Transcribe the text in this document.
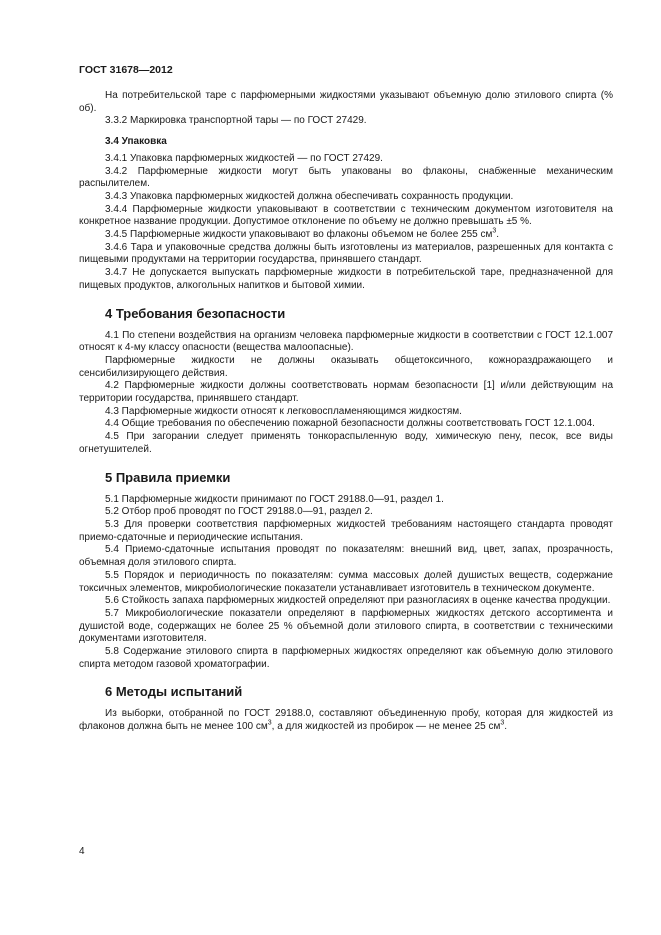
ГОСТ 31678—2012

На потребительской таре с парфюмерными жидкостями указывают объемную долю этилового спирта (% об).

3.3.2 Маркировка транспортной тары — по ГОСТ 27429.

3.4 Упаковка

3.4.1 Упаковка парфюмерных жидкостей — по ГОСТ 27429.

3.4.2 Парфюмерные жидкости могут быть упакованы во флаконы, снабженные механическим распылителем.

3.4.3 Упаковка парфюмерных жидкостей должна обеспечивать сохранность продукции.

3.4.4 Парфюмерные жидкости упаковывают в соответствии с техническим документом изготовителя на конкретное название продукции. Допустимое отклонение по объему не должно превышать ±5 %.

3.4.5 Парфюмерные жидкости упаковывают во флаконы объемом не более 255 $см^3$.

3.4.6 Тара и упаковочные средства должны быть изготовлены из материалов, разрешенных для контакта с пищевыми продуктами на территории государства, принявшего стандарт.

3.4.7 Не допускается выпускать парфюмерные жидкости в потребительской таре, предназначенной для пищевых продуктов, алкогольных напитков и бытовой химии.

4 Требования безопасности

4.1 По степени воздействия на организм человека парфюмерные жидкости в соответствии с ГОСТ 12.1.007 относят к 4-му классу опасности (вещества малоопасные).

Парфюмерные жидкости не должны оказывать общетоксичного, кожнораздражающего и сенсибилизирующего действия.

4.2 Парфюмерные жидкости должны соответствовать нормам безопасности [1] и/или действующим на территории государства, принявшего стандарт.

4.3 Парфюмерные жидкости относят к легковоспламеняющимся жидкостям.

4.4 Общие требования по обеспечению пожарной безопасности должны соответствовать ГОСТ 12.1.004.

4.5 При загорании следует применять тонкораспыленную воду, химическую пену, песок, все виды огнетушителей.

5 Правила приемки

5.1 Парфюмерные жидкости принимают по ГОСТ 29188.0—91, раздел 1.

5.2 Отбор проб проводят по ГОСТ 29188.0—91, раздел 2.

5.3 Для проверки соответствия парфюмерных жидкостей требованиям настоящего стандарта проводят приемо-сдаточные и периодические испытания.

5.4 Приемо-сдаточные испытания проводят по показателям: внешний вид, цвет, запах, прозрачность, объемная доля этилового спирта.

5.5 Порядок и периодичность по показателям: сумма массовых долей душистых веществ, содержание токсичных элементов, микробиологические показатели устанавливает изготовитель в техническом документе.

5.6 Стойкость запаха парфюмерных жидкостей определяют при разногласиях в оценке качества продукции.

5.7 Микробиологические показатели определяют в парфюмерных жидкостях детского ассортимента и душистой воде, содержащих не более 25 % объемной доли этилового спирта, в соответствии с техническими документами изготовителя.

5.8 Содержание этилового спирта в парфюмерных жидкостях определяют как объемную долю этилового спирта методом газовой хроматографии.

6 Методы испытаний

Из выборки, отобранной по ГОСТ 29188.0, составляют объединенную пробу, которая для жидкостей из флаконов должна быть не менее 100 $см^3$, а для жидкостей из пробирок — не менее 25 $см^3$.

4
